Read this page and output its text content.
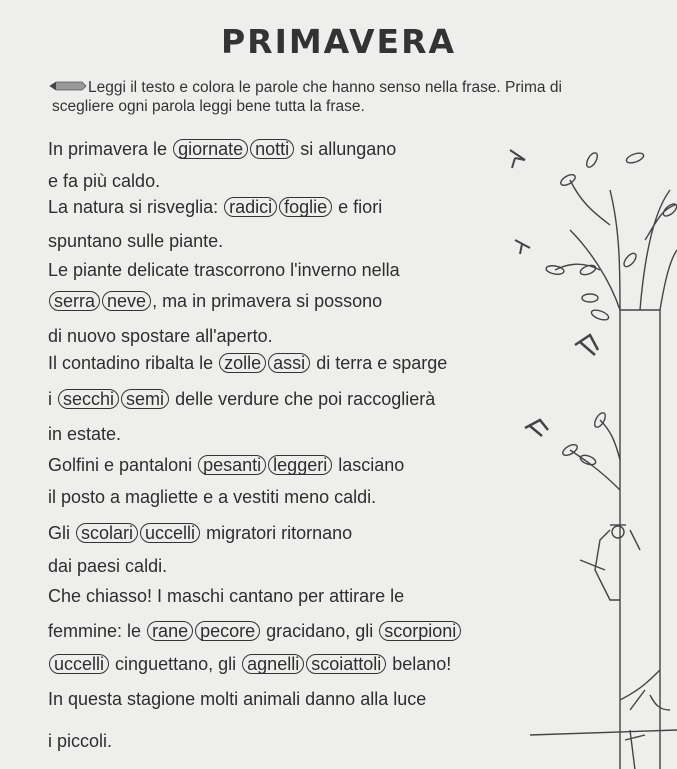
PRIMAVERA
Leggi il testo e colora le parole che hanno senso nella frase. Prima di
scegliere ogni parola leggi bene tutta la frase.
In primavera le giornate notti si allungano
e fa più caldo.
La natura si risveglia: radici foglie e fiori
spuntano sulle piante.
Le piante delicate trascorrono l'inverno nella
serra neve , ma in primavera si possono
di nuovo spostare all'aperto.
Il contadino ribalta le zolle assi di terra e sparge
i secchi semi delle verdure che poi raccoglierà
in estate.
Golfini e pantaloni pesanti leggeri lasciano
il posto a magliette e a vestiti meno caldi.
Gli scolari uccelli migratori ritornano
dai paesi caldi.
Che chiasso! I maschi cantano per attirare le
femmine: le rane pecore gracidano, gli scorpioni
uccelli cinguettano, gli agnelli scoiattoli belano!
In questa stagione molti animali danno alla luce
i piccoli.
